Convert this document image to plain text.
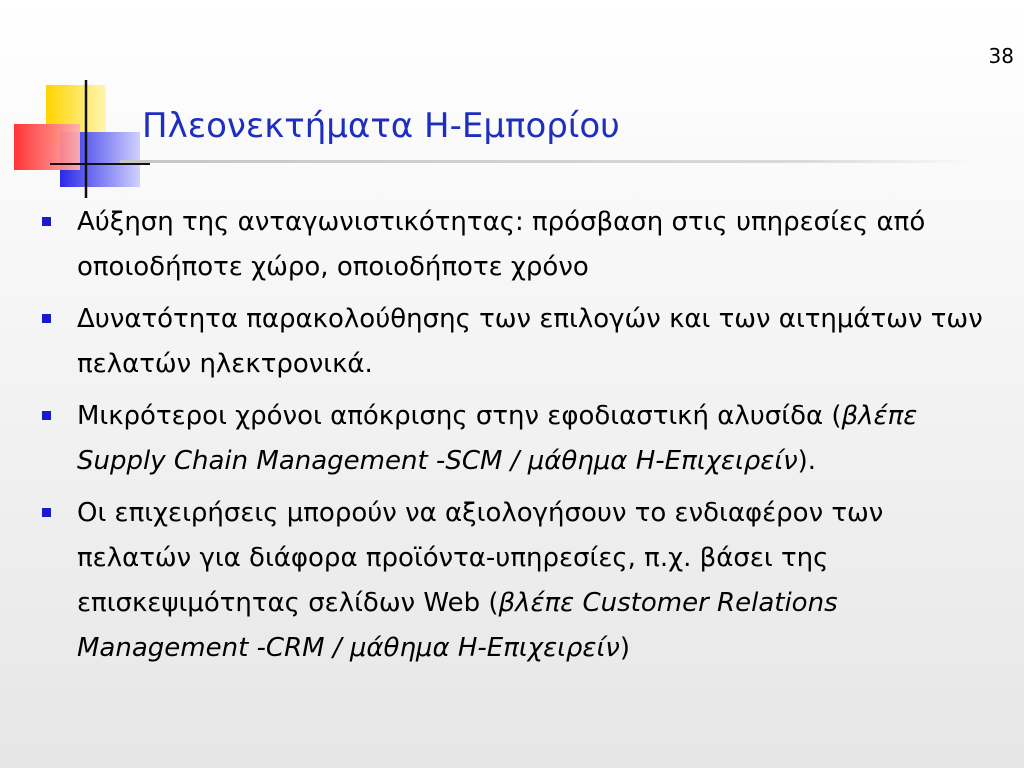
38
Πλεονεκτήματα Η-Εμπορίου
Αύξηση της ανταγωνιστικότητας: πρόσβαση στις υπηρεσίες από οποιοδήποτε χώρο, οποιοδήποτε χρόνο
Δυνατότητα παρακολούθησης των επιλογών και των αιτημάτων των πελατών ηλεκτρονικά.
Μικρότεροι χρόνοι απόκρισης στην εφοδιαστική αλυσίδα (βλέπε Supply Chain Management -SCM / μάθημα Η-Επιχειρείν).
Οι επιχειρήσεις μπορούν να αξιολογήσουν το ενδιαφέρον των πελατών για διάφορα προϊόντα-υπηρεσίες, π.χ. βάσει της επισκεψιμότητας σελίδων Web (βλέπε Customer Relations Management -CRM / μάθημα Η-Επιχειρείν)
